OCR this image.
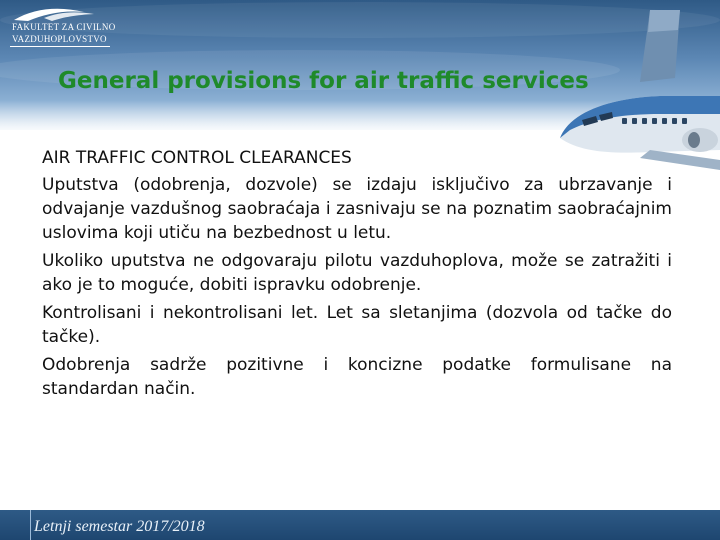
FAKULTET ZA CIVILNO
VAZDUHOPLOVSTVO
General provisions for air traffic services

AIR TRAFFIC CONTROL CLEARANCES

Uputstva (odobrenja, dozvole) se izdaju isključivo za ubrzavanje i odvajanje vazdušnog saobraćaja i zasnivaju se na poznatim saobraćajnim uslovima koji utiču na bezbednost u letu.

Ukoliko uputstva ne odgovaraju pilotu vazduhoplova, može se zatražiti i ako je to moguće, dobiti ispravku odobrenje.

Kontrolisani i nekontrolisani let. Let sa sletanjima (dozvola od tačke do tačke).

Odobrenja sadrže pozitivne i koncizne podatke formulisane na standardan način.

Letnji semestar 2017/2018
